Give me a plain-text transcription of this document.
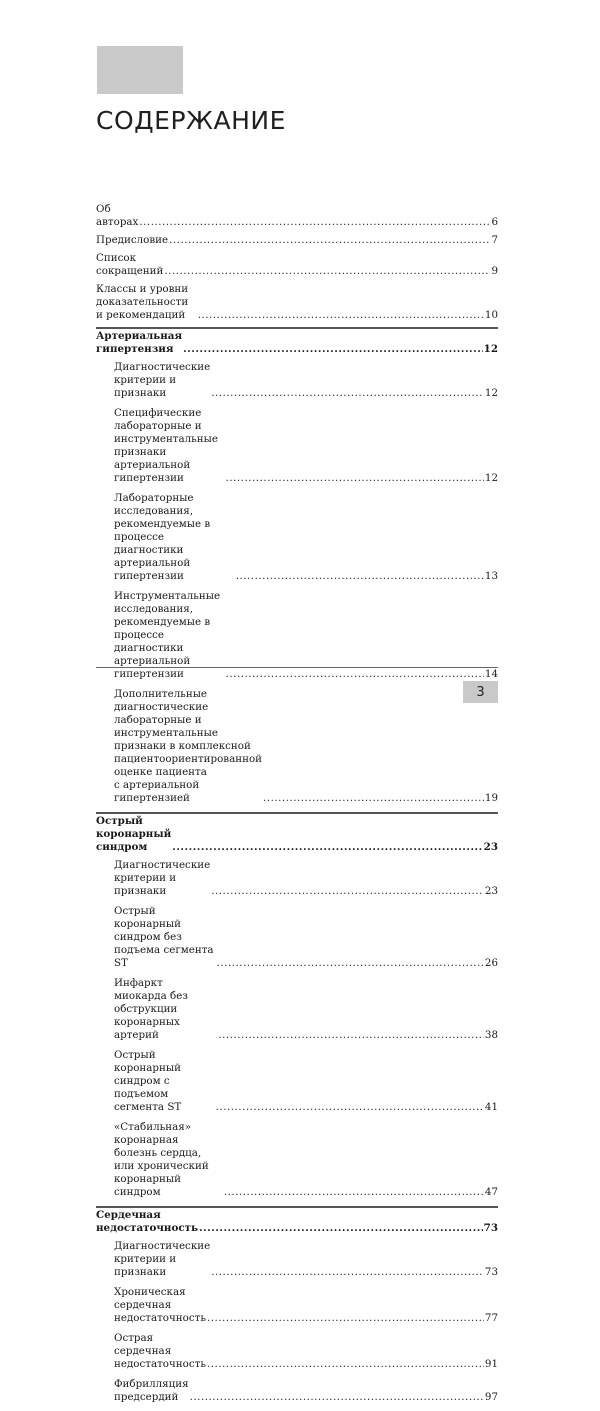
СОДЕРЖАНИЕ
Об авторах .....	6
Предисловие .....	7
Список сокращений .....	9
Классы и уровни доказательности и рекомендаций .....	10
Артериальная гипертензия .....	12
Диагностические критерии и признаки .....	12
Специфические лабораторные и инструментальные признаки
артериальной гипертензии .....	12
Лабораторные исследования, рекомендуемые в процессе диагностики
артериальной гипертензии .....	13
Инструментальные исследования, рекомендуемые в процессе
диагностики артериальной гипертензии .....	14
Дополнительные диагностические лабораторные и инструментальные
признаки в комплексной пациентоориентированной оценке пациента
с артериальной гипертензией .....	19
Острый коронарный синдром .....	23
Диагностические критерии и признаки .....	23
Острый коронарный синдром без подъема сегмента ST .....	26
Инфаркт миокарда без обструкции коронарных артерий .....	38
Острый коронарный синдром с подъемом сегмента ST .....	41
«Стабильная» коронарная болезнь сердца, или хронический
коронарный синдром .....	47
Сердечная недостаточность .....	73
Диагностические критерии и признаки .....	73
Хроническая сердечная недостаточность .....	77
Острая сердечная недостаточность .....	91
Фибрилляция предсердий .....	97
3
